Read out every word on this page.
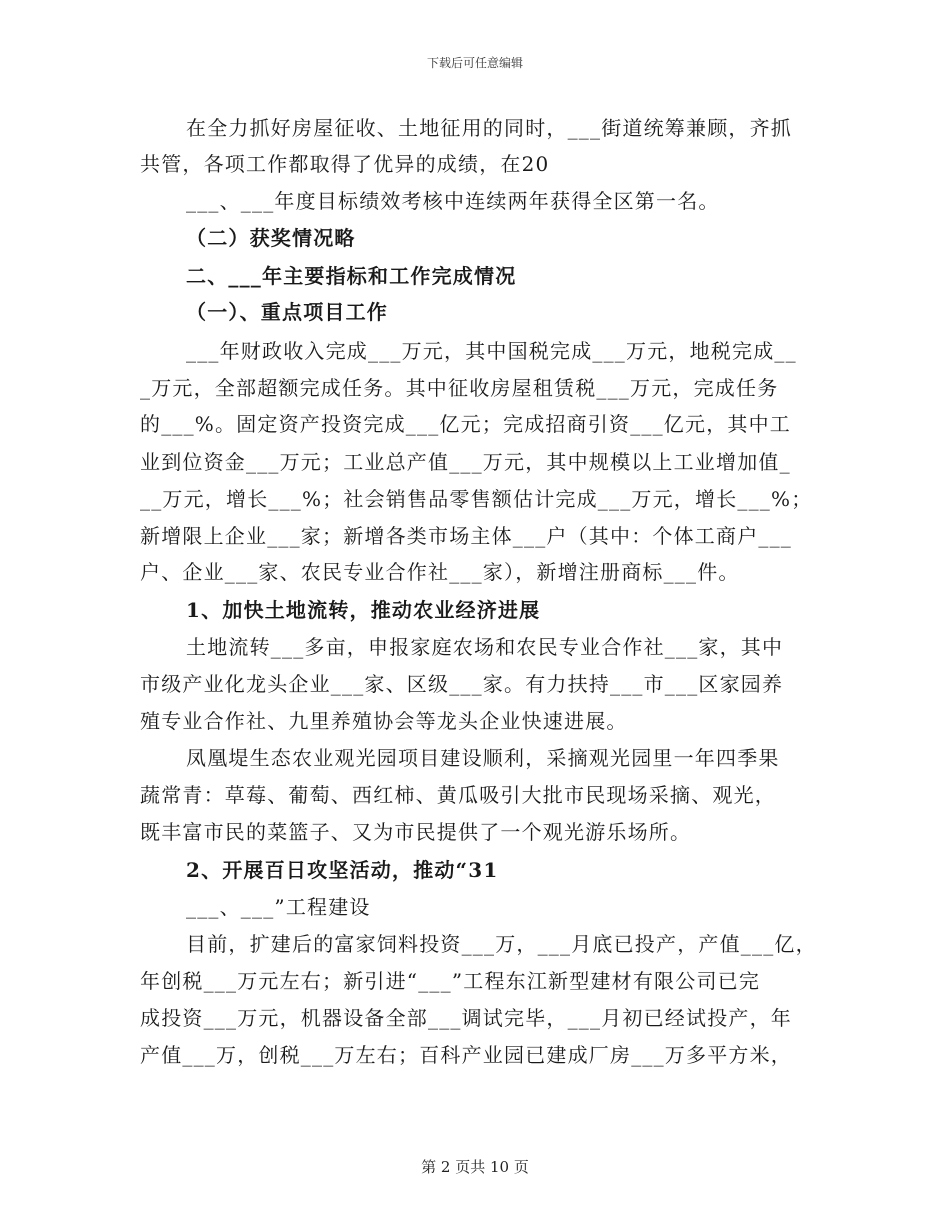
下载后可任意编辑
在全力抓好房屋征收、土地征用的同时，___街道统筹兼顾，齐抓
共管，各项工作都取得了优异的成绩，在20
___、___年度目标绩效考核中连续两年获得全区第一名。
（二）获奖情况略
二、___年主要指标和工作完成情况
（一）、重点项目工作
___年财政收入完成___万元，其中国税完成___万元，地税完成__
_万元，全部超额完成任务。其中征收房屋租赁税___万元，完成任务
的___%。固定资产投资完成___亿元；完成招商引资___亿元，其中工
业到位资金___万元；工业总产值___万元，其中规模以上工业增加值_
__万元，增长___%；社会销售品零售额估计完成___万元，增长___%；
新增限上企业___家；新增各类市场主体___户（其中：个体工商户___
户、企业___家、农民专业合作社___家），新增注册商标___件。
1、加快土地流转，推动农业经济进展
土地流转___多亩，申报家庭农场和农民专业合作社___家，其中
市级产业化龙头企业___家、区级___家。有力扶持___市___区家园养
殖专业合作社、九里养殖协会等龙头企业快速进展。
凤凰堤生态农业观光园项目建设顺利，采摘观光园里一年四季果
蔬常青：草莓、葡萄、西红柿、黄瓜吸引大批市民现场采摘、观光，
既丰富市民的菜篮子、又为市民提供了一个观光游乐场所。
2、开展百日攻坚活动，推动“31
___、___”工程建设
目前，扩建后的富家饲料投资___万，___月底已投产，产值___亿，
年创税___万元左右；新引进“___”工程东江新型建材有限公司已完
成投资___万元，机器设备全部___调试完毕，___月初已经试投产，年
产值___万，创税___万左右；百科产业园已建成厂房___万多平方米，
第 2 页共 10 页
